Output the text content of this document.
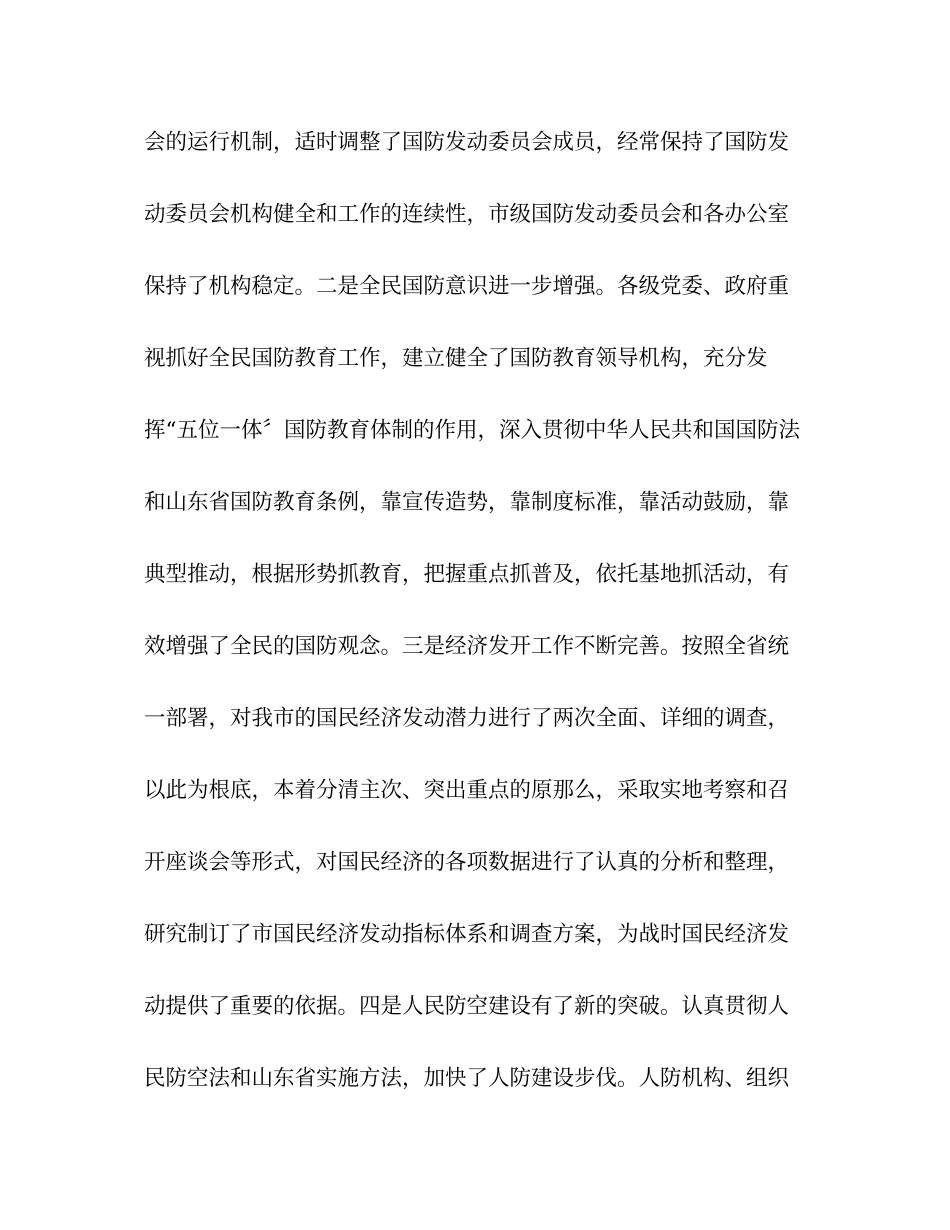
会的运行机制，适时调整了国防发动委员会成员，经常保持了国防发
动委员会机构健全和工作的连续性，市级国防发动委员会和各办公室
保持了机构稳定。二是全民国防意识进一步增强。各级党委、政府重
视抓好全民国防教育工作，建立健全了国防教育领导机构，充分发
挥“五位一体〞国防教育体制的作用，深入贯彻中华人民共和国国防法
和山东省国防教育条例，靠宣传造势，靠制度标准，靠活动鼓励，靠
典型推动，根据形势抓教育，把握重点抓普及，依托基地抓活动，有
效增强了全民的国防观念。三是经济发开工作不断完善。按照全省统
一部署，对我市的国民经济发动潜力进行了两次全面、详细的调查，
以此为根底，本着分清主次、突出重点的原那么，采取实地考察和召
开座谈会等形式，对国民经济的各项数据进行了认真的分析和整理，
研究制订了市国民经济发动指标体系和调查方案，为战时国民经济发
动提供了重要的依据。四是人民防空建设有了新的突破。认真贯彻人
民防空法和山东省实施方法，加快了人防建设步伐。人防机构、组织
